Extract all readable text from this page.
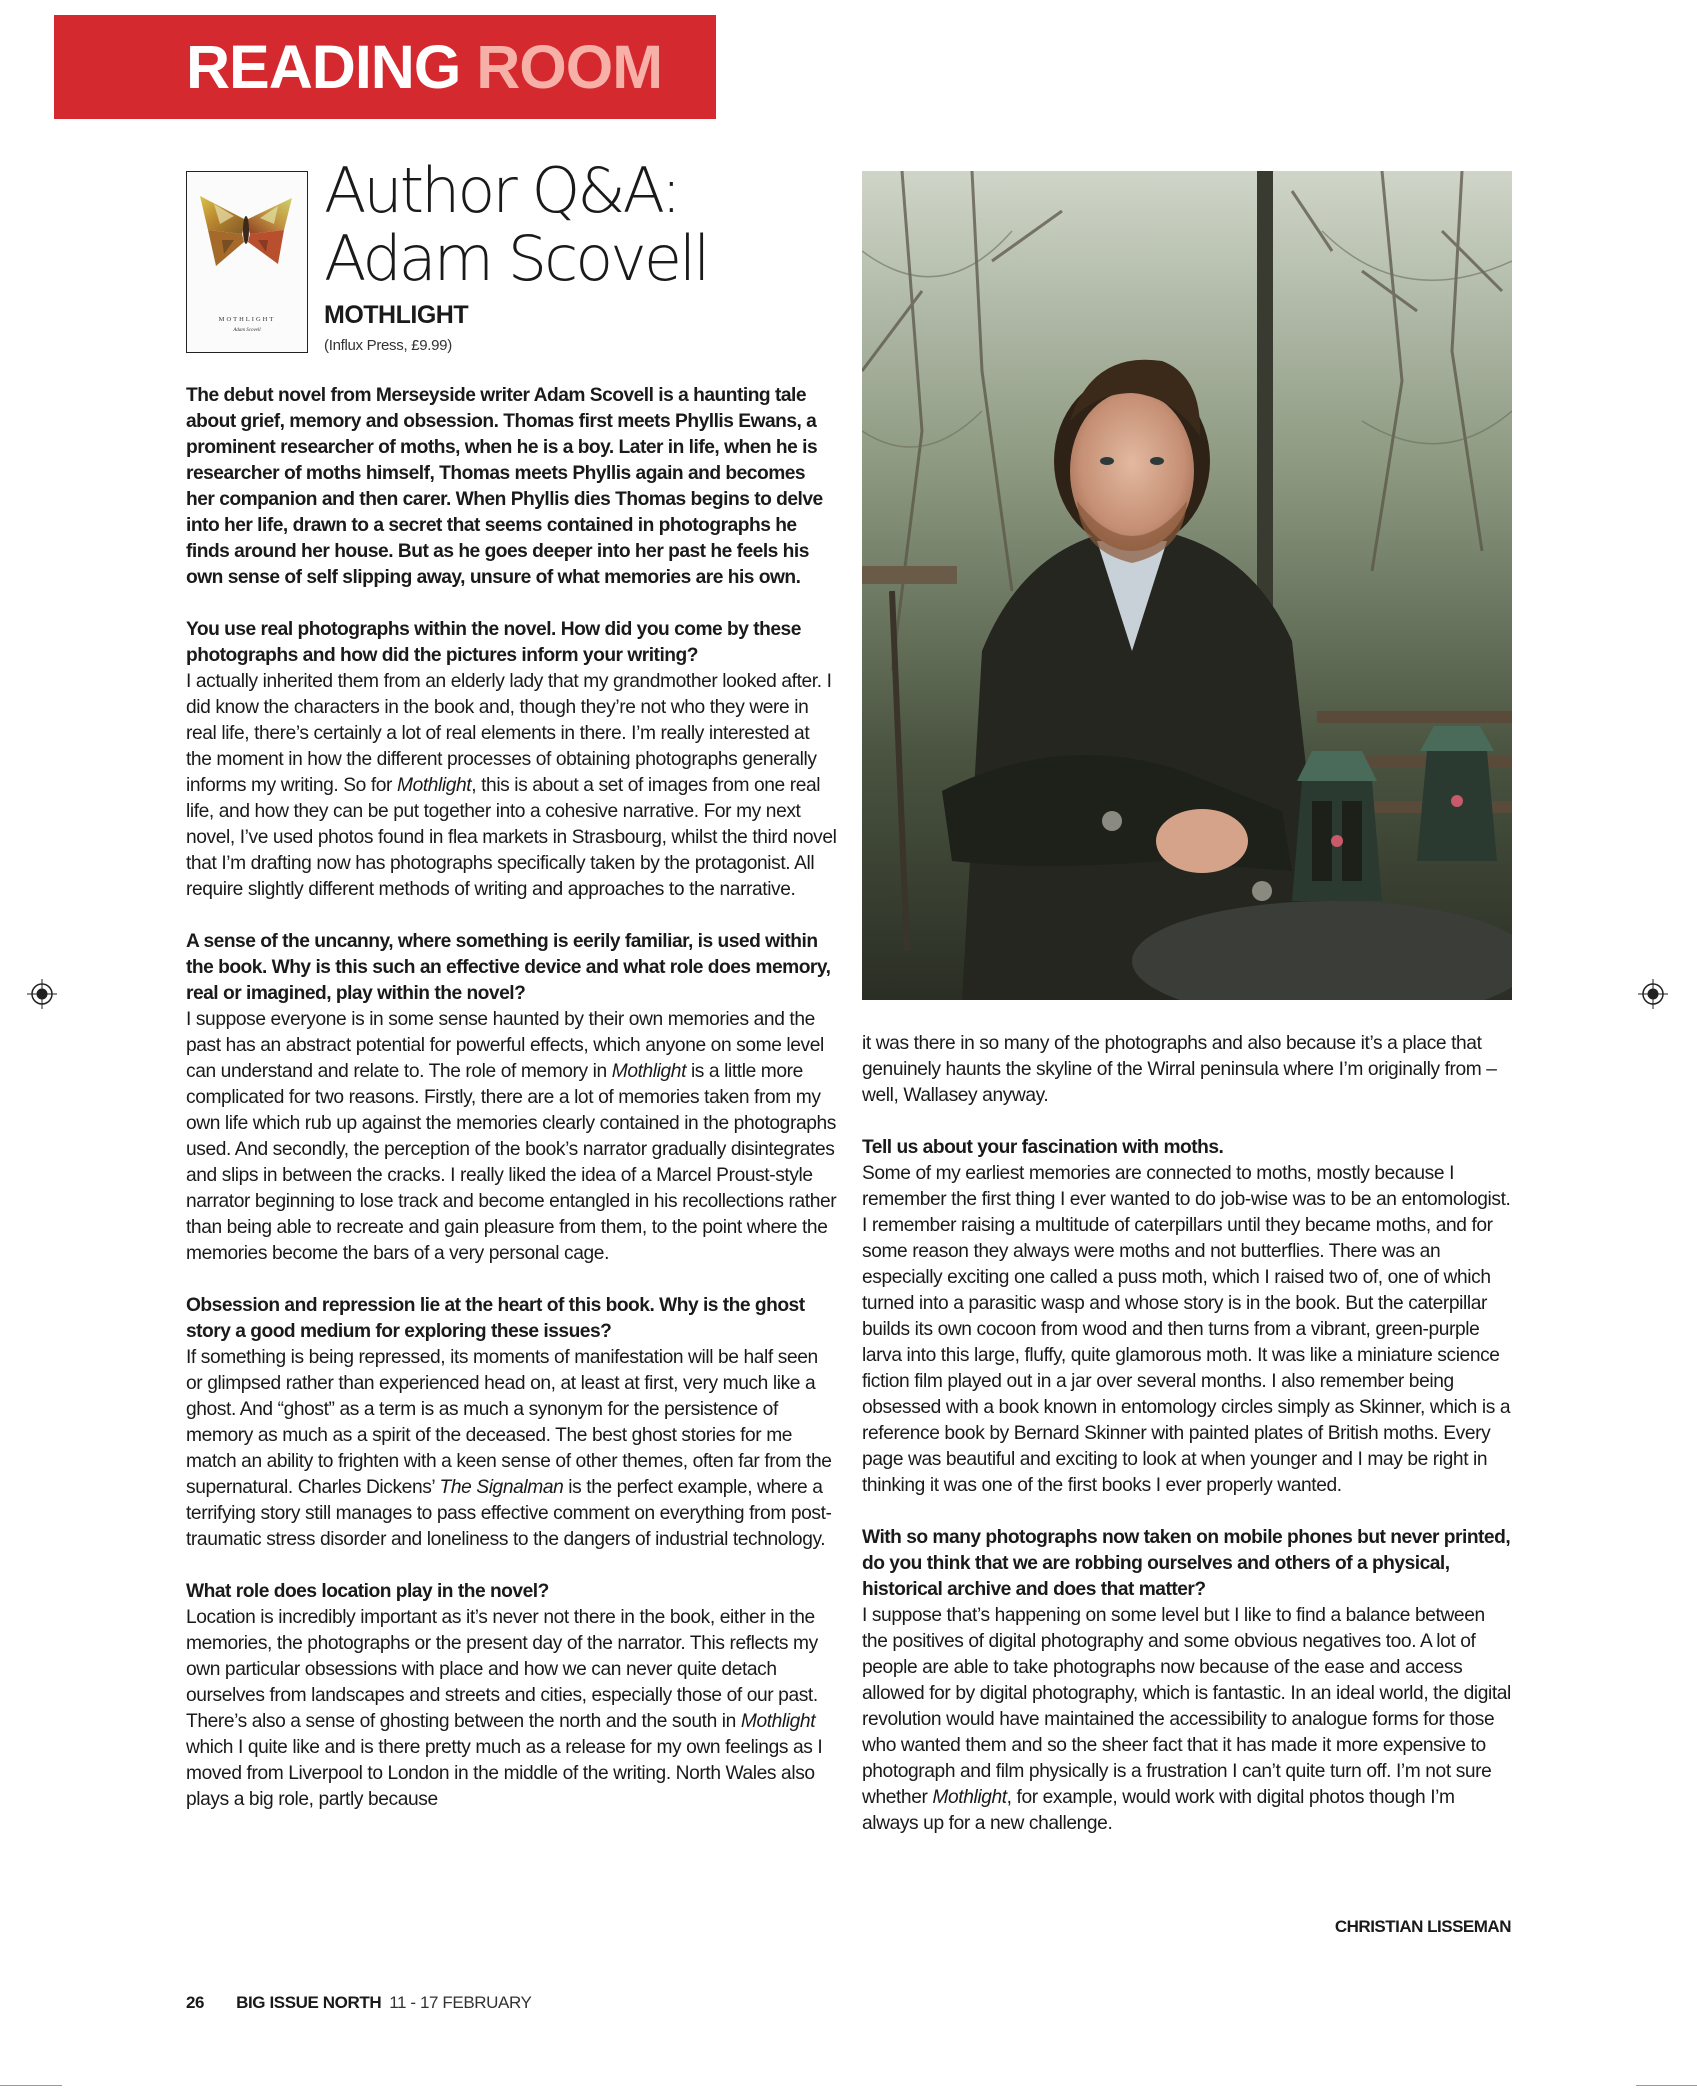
READING ROOM
MOTHLIGHT
Adam Scovell
Author Q&A:
Adam Scovell
MOTHLIGHT
(Influx Press, £9.99)

The debut novel from Merseyside writer Adam Scovell is a haunting tale about grief, memory and obsession. Thomas first meets Phyllis Ewans, a prominent researcher of moths, when he is a boy. Later in life, when he is researcher of moths himself, Thomas meets Phyllis again and becomes her companion and then carer. When Phyllis dies Thomas begins to delve into her life, drawn to a secret that seems contained in photographs he finds around her house. But as he goes deeper into her past he feels his own sense of self slipping away, unsure of what memories are his own.

You use real photographs within the novel. How did you come by these photographs and how did the pictures inform your writing?

I actually inherited them from an elderly lady that my grandmother looked after. I did know the characters in the book and, though they’re not who they were in real life, there’s certainly a lot of real elements in there. I’m really interested at the moment in how the different processes of obtaining photographs generally informs my writing. So for Mothlight, this is about a set of images from one real life, and how they can be put together into a cohesive narrative. For my next novel, I’ve used photos found in flea markets in Strasbourg, whilst the third novel that I’m drafting now has photographs specifically taken by the protagonist. All require slightly different methods of writing and approaches to the narrative.

A sense of the uncanny, where something is eerily familiar, is used within the book. Why is this such an effective device and what role does memory, real or imagined, play within the novel?

I suppose everyone is in some sense haunted by their own memories and the past has an abstract potential for powerful effects, which anyone on some level can understand and relate to. The role of memory in Mothlight is a little more complicated for two reasons. Firstly, there are a lot of memories taken from my own life which rub up against the memories clearly contained in the photographs used. And secondly, the perception of the book’s narrator gradually disintegrates and slips in between the cracks. I really liked the idea of a Marcel Proust-style narrator beginning to lose track and become entangled in his recollections rather than being able to recreate and gain pleasure from them, to the point where the memories become the bars of a very personal cage.

Obsession and repression lie at the heart of this book. Why is the ghost story a good medium for exploring these issues?

If something is being repressed, its moments of manifestation will be half seen or glimpsed rather than experienced head on, at least at first, very much like a ghost. And “ghost” as a term is as much a synonym for the persistence of memory as much as a spirit of the deceased. The best ghost stories for me match an ability to frighten with a keen sense of other themes, often far from the supernatural. Charles Dickens’ The Signalman is the perfect example, where a terrifying story still manages to pass effective comment on everything from post-traumatic stress disorder and loneliness to the dangers of industrial technology.

What role does location play in the novel?

Location is incredibly important as it’s never not there in the book, either in the memories, the photographs or the present day of the narrator. This reflects my own particular obsessions with place and how we can never quite detach ourselves from landscapes and streets and cities, especially those of our past. There’s also a sense of ghosting between the north and the south in Mothlight which I quite like and is there pretty much as a release for my own feelings as I moved from Liverpool to London in the middle of the writing. North Wales also plays a big role, partly because

it was there in so many of the photographs and also because it’s a place that genuinely haunts the skyline of the Wirral peninsula where I’m originally from – well, Wallasey anyway.

Tell us about your fascination with moths.

Some of my earliest memories are connected to moths, mostly because I remember the first thing I ever wanted to do job-wise was to be an entomologist. I remember raising a multitude of caterpillars until they became moths, and for some reason they always were moths and not butterflies. There was an especially exciting one called a puss moth, which I raised two of, one of which turned into a parasitic wasp and whose story is in the book. But the caterpillar builds its own cocoon from wood and then turns from a vibrant, green-purple larva into this large, fluffy, quite glamorous moth. It was like a miniature science fiction film played out in a jar over several months. I also remember being obsessed with a book known in entomology circles simply as Skinner, which is a reference book by Bernard Skinner with painted plates of British moths. Every page was beautiful and exciting to look at when younger and I may be right in thinking it was one of the first books I ever properly wanted.

With so many photographs now taken on mobile phones but never printed, do you think that we are robbing ourselves and others of a physical, historical archive and does that matter?

I suppose that’s happening on some level but I like to find a balance between the positives of digital photography and some obvious negatives too. A lot of people are able to take photographs now because of the ease and access allowed for by digital photography, which is fantastic. In an ideal world, the digital revolution would have maintained the accessibility to analogue forms for those who wanted them and so the sheer fact that it has made it more expensive to photograph and film physically is a frustration I can’t quite turn off. I’m not sure whether Mothlight, for example, would work with digital photos though I’m always up for a new challenge.

CHRISTIAN LISSEMAN
26 BIG ISSUE NORTH 11 - 17 FEBRUARY
